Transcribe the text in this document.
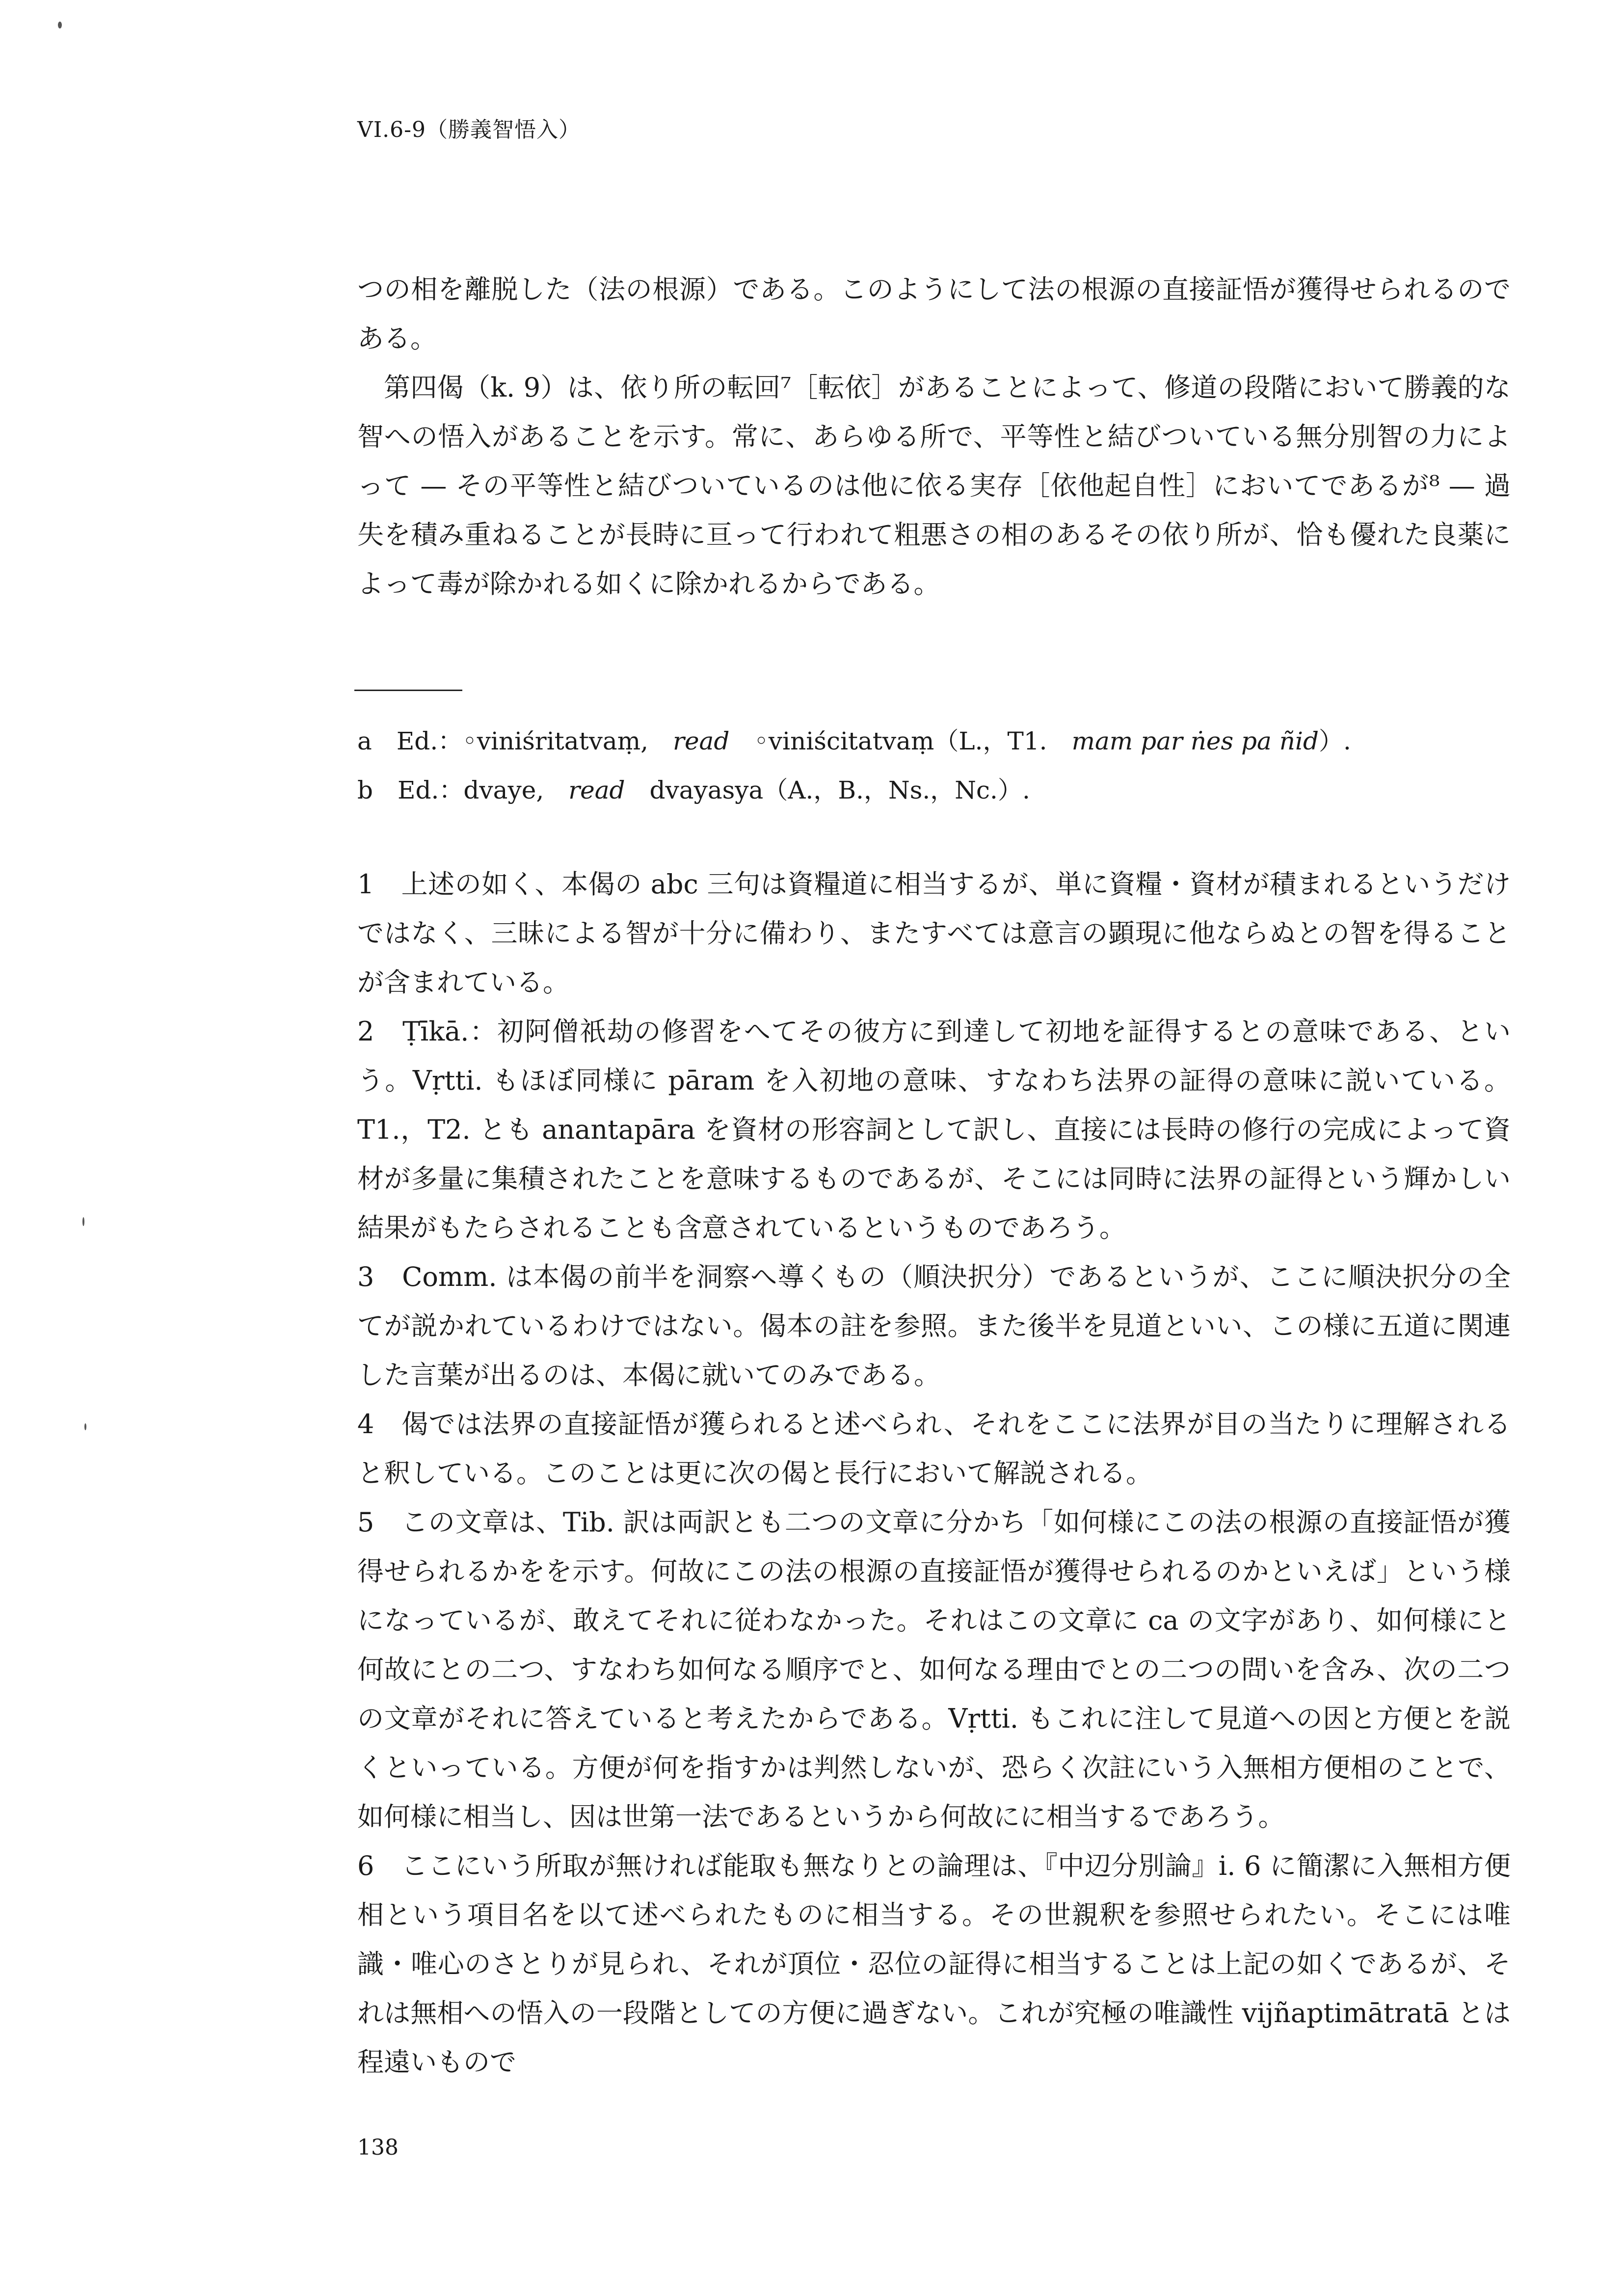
VI.6-9（勝義智悟入）

つの相を離脱した（法の根源）である。このようにして法の根源の直接証悟が獲得せられるのである。

第四偈（k. 9）は、依り所の転回⁷［転依］があることによって、修道の段階において勝義的な智への悟入があることを示す。常に、あらゆる所で、平等性と結びついている無分別智の力によって — その平等性と結びついているのは他に依る実存［依他起自性］においてであるが⁸ — 過失を積み重ねることが長時に亘って行われて粗悪さの相のあるその依り所が、恰も優れた良薬によって毒が除かれる如くに除かれるからである。

a  Ed.：◦viniśritatvaṃ,  read  ◦viniścitatvaṃ（L.，T1.  mam par ṅes pa ñid）.
b  Ed.：dvaye,  read  dvayasya（A.，B.，Ns.，Nc.）.

1　上述の如く、本偈の abc 三句は資糧道に相当するが、単に資糧・資材が積まれるというだけではなく、三昧による智が十分に備わり、またすべては意言の顕現に他ならぬとの智を得ることが含まれている。

2　Ṭīkā.：初阿僧祇劫の修習をへてその彼方に到達して初地を証得するとの意味である、という。Vṛtti. もほぼ同様に pāram を入初地の意味、すなわち法界の証得の意味に説いている。T1.，T2. とも anantapāra を資材の形容詞として訳し、直接には長時の修行の完成によって資材が多量に集積されたことを意味するものであるが、そこには同時に法界の証得という輝かしい結果がもたらされることも含意されているというものであろう。

3　Comm. は本偈の前半を洞察へ導くもの（順決択分）であるというが、ここに順決択分の全てが説かれているわけではない。偈本の註を参照。また後半を見道といい、この様に五道に関連した言葉が出るのは、本偈に就いてのみである。

4　偈では法界の直接証悟が獲られると述べられ、それをここに法界が目の当たりに理解されると釈している。このことは更に次の偈と長行において解説される。

5　この文章は、Tib. 訳は両訳とも二つの文章に分かち「如何様にこの法の根源の直接証悟が獲得せられるかをを示す。何故にこの法の根源の直接証悟が獲得せられるのかといえば」という様になっているが、敢えてそれに従わなかった。それはこの文章に ca の文字があり、如何様にと何故にとの二つ、すなわち如何なる順序でと、如何なる理由でとの二つの問いを含み、次の二つの文章がそれに答えていると考えたからである。Vṛtti. もこれに注して見道への因と方便とを説くといっている。方便が何を指すかは判然しないが、恐らく次註にいう入無相方便相のことで、如何様に相当し、因は世第一法であるというから何故にに相当するであろう。

6　ここにいう所取が無ければ能取も無なりとの論理は、『中辺分別論』i. 6 に簡潔に入無相方便相という項目名を以て述べられたものに相当する。その世親釈を参照せられたい。そこには唯識・唯心のさとりが見られ、それが頂位・忍位の証得に相当することは上記の如くであるが、それは無相への悟入の一段階としての方便に過ぎない。これが究極の唯識性 vijñaptimātratā とは程遠いもので

138
